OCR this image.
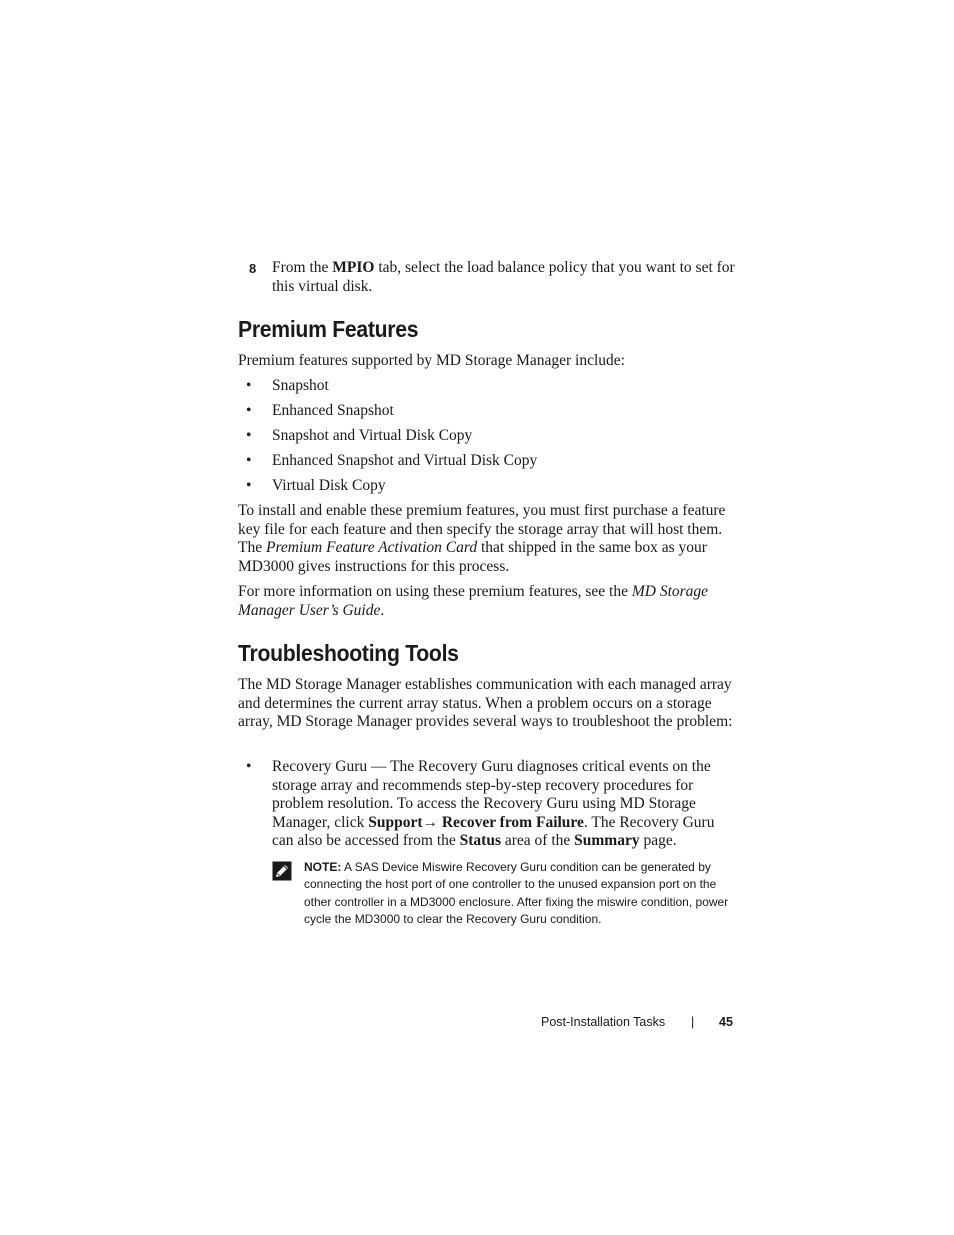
8 From the MPIO tab, select the load balance policy that you want to set for this virtual disk.

Premium Features

Premium features supported by MD Storage Manager include:

• Snapshot
• Enhanced Snapshot
• Snapshot and Virtual Disk Copy
• Enhanced Snapshot and Virtual Disk Copy
• Virtual Disk Copy

To install and enable these premium features, you must first purchase a feature key file for each feature and then specify the storage array that will host them. The Premium Feature Activation Card that shipped in the same box as your MD3000 gives instructions for this process.

For more information on using these premium features, see the MD Storage Manager User’s Guide.

Troubleshooting Tools

The MD Storage Manager establishes communication with each managed array and determines the current array status. When a problem occurs on a storage array, MD Storage Manager provides several ways to troubleshoot the problem:

• Recovery Guru — The Recovery Guru diagnoses critical events on the storage array and recommends step-by-step recovery procedures for problem resolution. To access the Recovery Guru using MD Storage Manager, click Support→ Recover from Failure. The Recovery Guru can also be accessed from the Status area of the Summary page.

NOTE: A SAS Device Miswire Recovery Guru condition can be generated by connecting the host port of one controller to the unused expansion port on the other controller in a MD3000 enclosure. After fixing the miswire condition, power cycle the MD3000 to clear the Recovery Guru condition.

Post-Installation Tasks | 45
